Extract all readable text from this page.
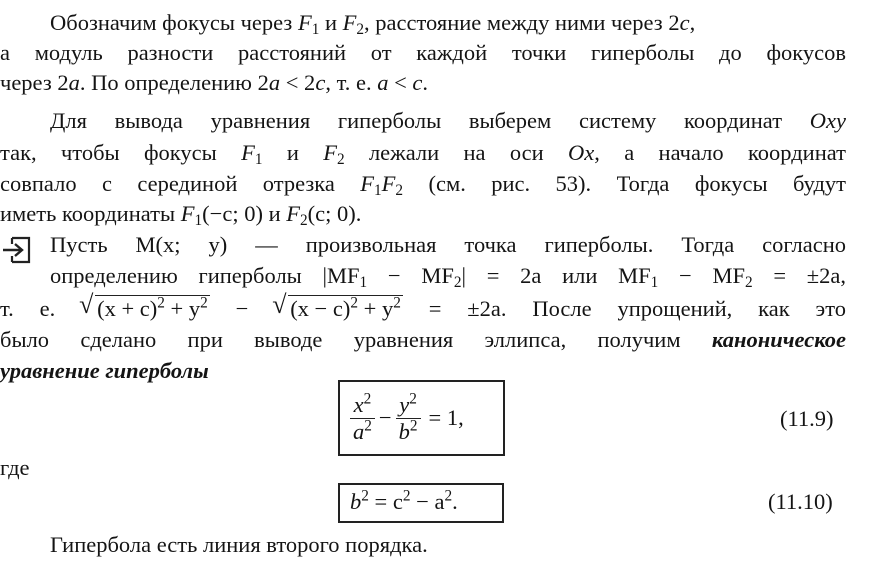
Обозначим фокусы через $F_1$ и $F_2$, расстояние между ними через 2c,
а модуль разности расстояний от каждой точки гиперболы до фокусов
через 2a. По определению 2a < 2c, т. е. a < c.
Для вывода уравнения гиперболы выберем систему координат Oxy
так, чтобы фокусы $F_1$ и $F_2$ лежали на оси Ox, а начало координат
совпало с серединой отрезка $F_1F_2$ (см. рис. 53). Тогда фокусы будут
иметь координаты $F_1(-c$; 0) и $F_2(c$; 0).
Пусть M(x; y) — произвольная точка гиперболы. Тогда согласно
определению гиперболы $|MF_1 - MF_2| = 2a$ или $MF_1 - MF_2 = \pm 2a$,
т. е. √ $(x + c)^2 + y^2$ − √ $(x - c)^2 + y^2 = \pm 2a$. После упрощений, как это
было сделано при выводе уравнения эллипса, получим каноническое
уравнение гиперболы
$\frac{x^2}{a^2} - \frac{y^2}{b^2} = 1$,	(11.9)
где
$b^2 = c^2 - a^2$.	(11.10)
Гипербола есть линия второго порядка.
